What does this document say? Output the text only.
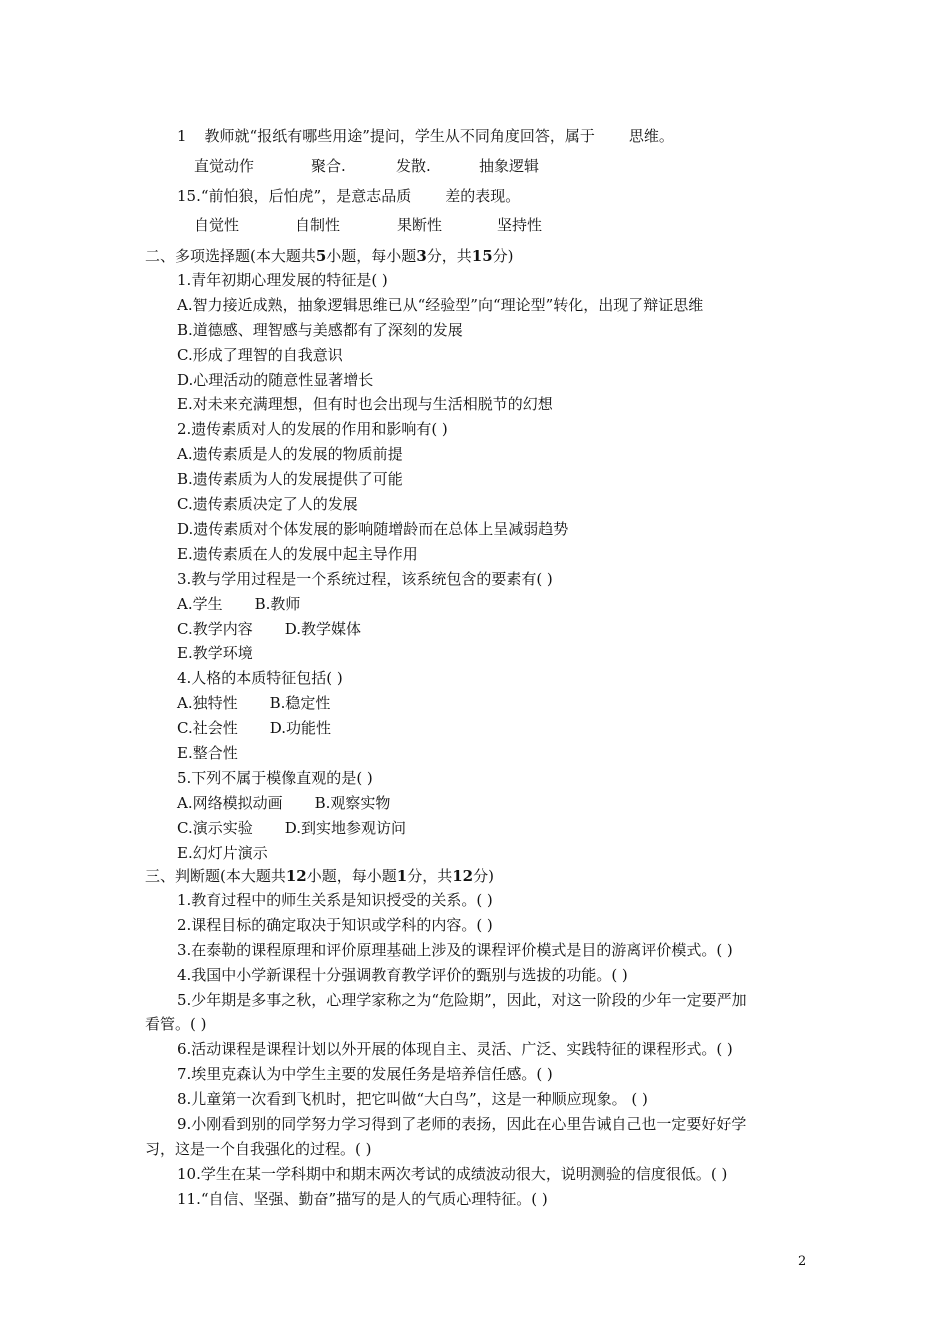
1 教师就“报纸有哪些用途”提问，学生从不同角度回答，属于 思维。
直觉动作	聚合.	发散.	抽象逻辑
15.“前怕狼，后怕虎”，是意志品质 差的表现。
自觉性	自制性	果断性	坚持性
二、多项选择题(本大题共5小题，每小题3分，共15分)
1.青年初期心理发展的特征是( )
A.智力接近成熟，抽象逻辑思维已从“经验型”向“理论型”转化，出现了辩证思维
B.道德感、理智感与美感都有了深刻的发展
C.形成了理智的自我意识
D.心理活动的随意性显著增长
E.对未来充满理想，但有时也会出现与生活相脱节的幻想
2.遗传素质对人的发展的作用和影响有( )
A.遗传素质是人的发展的物质前提
B.遗传素质为人的发展提供了可能
C.遗传素质决定了人的发展
D.遗传素质对个体发展的影响随增龄而在总体上呈减弱趋势
E.遗传素质在人的发展中起主导作用
3.教与学用过程是一个系统过程，该系统包含的要素有( )
A.学生 B.教师
C.教学内容 D.教学媒体
E.教学环境
4.人格的本质特征包括( )
A.独特性 B.稳定性
C.社会性 D.功能性
E.整合性
5.下列不属于模像直观的是( )
A.网络模拟动画 B.观察实物
C.演示实验 D.到实地参观访问
E.幻灯片演示
三、判断题(本大题共12小题，每小题1分，共12分)
1.教育过程中的师生关系是知识授受的关系。( )
2.课程目标的确定取决于知识或学科的内容。( )
3.在泰勒的课程原理和评价原理基础上涉及的课程评价模式是目的游离评价模式。( )
4.我国中小学新课程十分强调教育教学评价的甄别与选拔的功能。( )
5.少年期是多事之秋，心理学家称之为“危险期”，因此，对这一阶段的少年一定要严加
看管。( )
6.活动课程是课程计划以外开展的体现自主、灵活、广泛、实践特征的课程形式。( )
7.埃里克森认为中学生主要的发展任务是培养信任感。( )
8.儿童第一次看到飞机时，把它叫做“大白鸟”，这是一种顺应现象。 ( )
9.小刚看到别的同学努力学习得到了老师的表扬，因此在心里告诫自己也一定要好好学
习，这是一个自我强化的过程。( )
10.学生在某一学科期中和期末两次考试的成绩波动很大，说明测验的信度很低。( )
11.“自信、坚强、勤奋”描写的是人的气质心理特征。( )
2
